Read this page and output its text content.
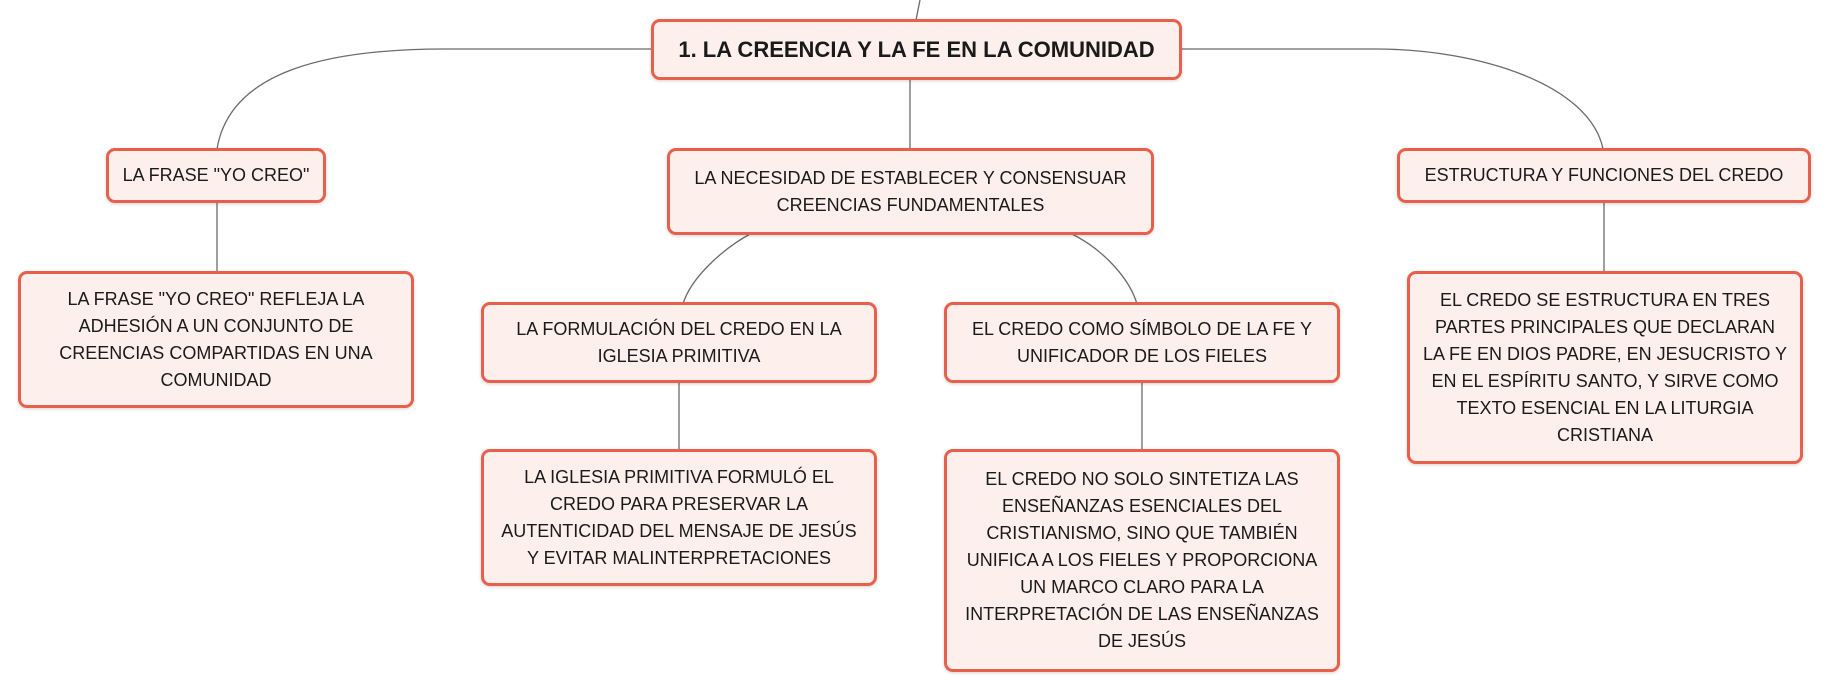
1. LA CREENCIA Y LA FE EN LA COMUNIDAD
LA FRASE "YO CREO"
LA FRASE "YO CREO" REFLEJA LA ADHESIÓN A UN CONJUNTO DE CREENCIAS COMPARTIDAS EN UNA COMUNIDAD
LA NECESIDAD DE ESTABLECER Y CONSENSUAR CREENCIAS FUNDAMENTALES
LA FORMULACIÓN DEL CREDO EN LA IGLESIA PRIMITIVA
LA IGLESIA PRIMITIVA FORMULÓ EL CREDO PARA PRESERVAR LA AUTENTICIDAD DEL MENSAJE DE JESÚS Y EVITAR MALINTERPRETACIONES
EL CREDO COMO SÍMBOLO DE LA FE Y UNIFICADOR DE LOS FIELES
EL CREDO NO SOLO SINTETIZA LAS ENSEÑANZAS ESENCIALES DEL CRISTIANISMO, SINO QUE TAMBIÉN UNIFICA A LOS FIELES Y PROPORCIONA UN MARCO CLARO PARA LA INTERPRETACIÓN DE LAS ENSEÑANZAS DE JESÚS
ESTRUCTURA Y FUNCIONES DEL CREDO
EL CREDO SE ESTRUCTURA EN TRES PARTES PRINCIPALES QUE DECLARAN LA FE EN DIOS PADRE, EN JESUCRISTO Y EN EL ESPÍRITU SANTO, Y SIRVE COMO TEXTO ESENCIAL EN LA LITURGIA CRISTIANA
